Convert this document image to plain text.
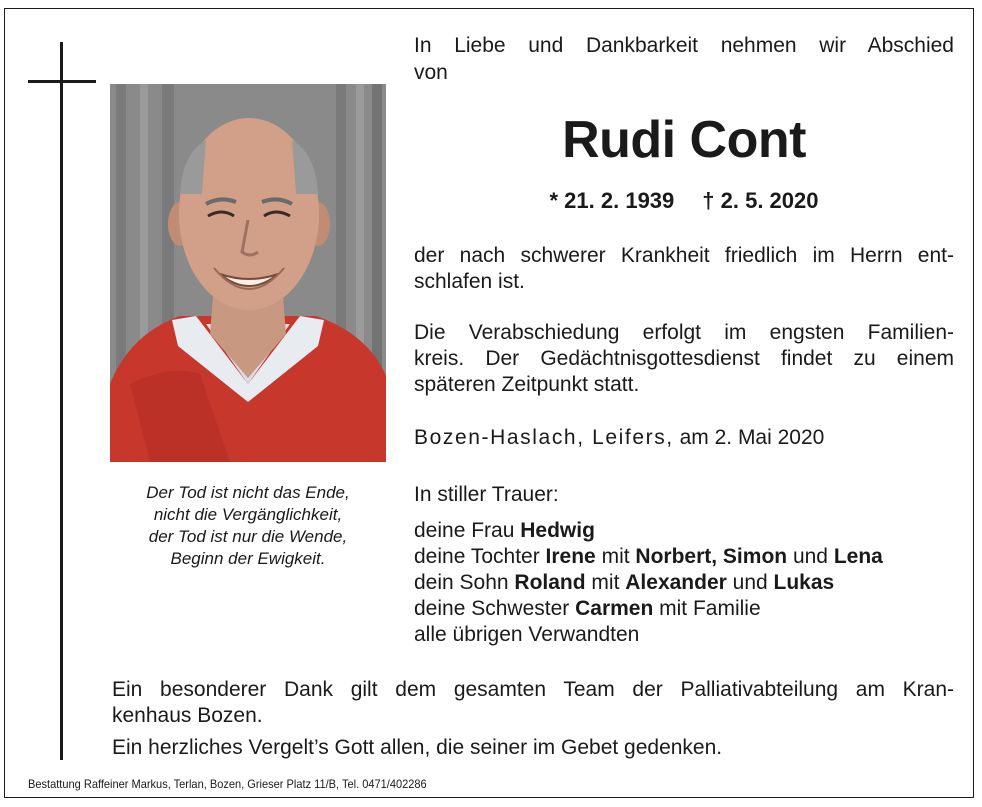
Der Tod ist nicht das Ende,
nicht die Vergänglichkeit,
der Tod ist nur die Wende,
Beginn der Ewigkeit.
In Liebe und Dankbarkeit nehmen wir Abschied
von
Rudi Cont
* 21. 2. 1939 † 2. 5. 2020
der nach schwerer Krankheit friedlich im Herrn ent-
schlafen ist.
Die Verabschiedung erfolgt im engsten Familien-
kreis. Der Gedächtnisgottesdienst findet zu einem
späteren Zeitpunkt statt.
Bozen-Haslach, Leifers, am 2. Mai 2020
In stiller Trauer:
deine Frau Hedwig
deine Tochter Irene mit Norbert, Simon und Lena
dein Sohn Roland mit Alexander und Lukas
deine Schwester Carmen mit Familie
alle übrigen Verwandten
Ein besonderer Dank gilt dem gesamten Team der Palliativabteilung am Kran-
kenhaus Bozen.
Ein herzliches Vergelt’s Gott allen, die seiner im Gebet gedenken.
Bestattung Raffeiner Markus, Terlan, Bozen, Grieser Platz 11/B, Tel. 0471/402286
